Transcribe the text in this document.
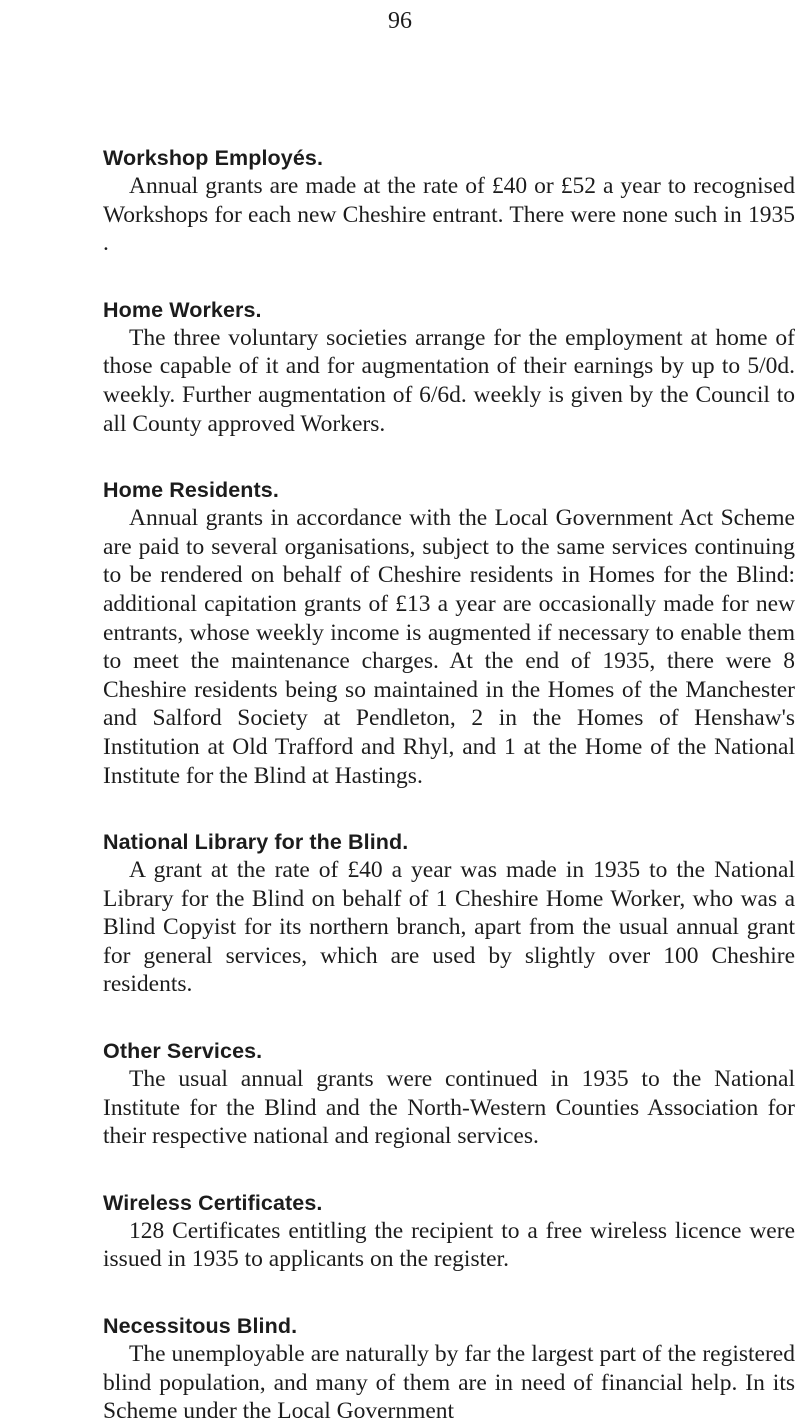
96
Workshop Employés.

Annual grants are made at the rate of £40 or £52 a year to recognised Workshops for each new Cheshire entrant. There were none such in 1935 .

Home Workers.

The three voluntary societies arrange for the employment at home of those capable of it and for augmentation of their earnings by up to 5/0d. weekly. Further augmentation of 6/6d. weekly is given by the Council to all County approved Workers.

Home Residents.

Annual grants in accordance with the Local Government Act Scheme are paid to several organisations, subject to the same services continuing to be rendered on behalf of Cheshire residents in Homes for the Blind: additional capitation grants of £13 a year are occasionally made for new entrants, whose weekly income is augmented if necessary to enable them to meet the maintenance charges. At the end of 1935, there were 8 Cheshire residents being so maintained in the Homes of the Manchester and Salford Society at Pendleton, 2 in the Homes of Henshaw's Institution at Old Trafford and Rhyl, and 1 at the Home of the National Institute for the Blind at Hastings.

National Library for the Blind.

A grant at the rate of £40 a year was made in 1935 to the National Library for the Blind on behalf of 1 Cheshire Home Worker, who was a Blind Copyist for its northern branch, apart from the usual annual grant for general services, which are used by slightly over 100 Cheshire residents.

Other Services.

The usual annual grants were continued in 1935 to the National Institute for the Blind and the North-Western Counties Association for their respective national and regional services.

Wireless Certificates.

128 Certificates entitling the recipient to a free wireless licence were issued in 1935 to applicants on the register.

Necessitous Blind.

The unemployable are naturally by far the largest part of the registered blind population, and many of them are in need of financial help. In its Scheme under the Local Government
